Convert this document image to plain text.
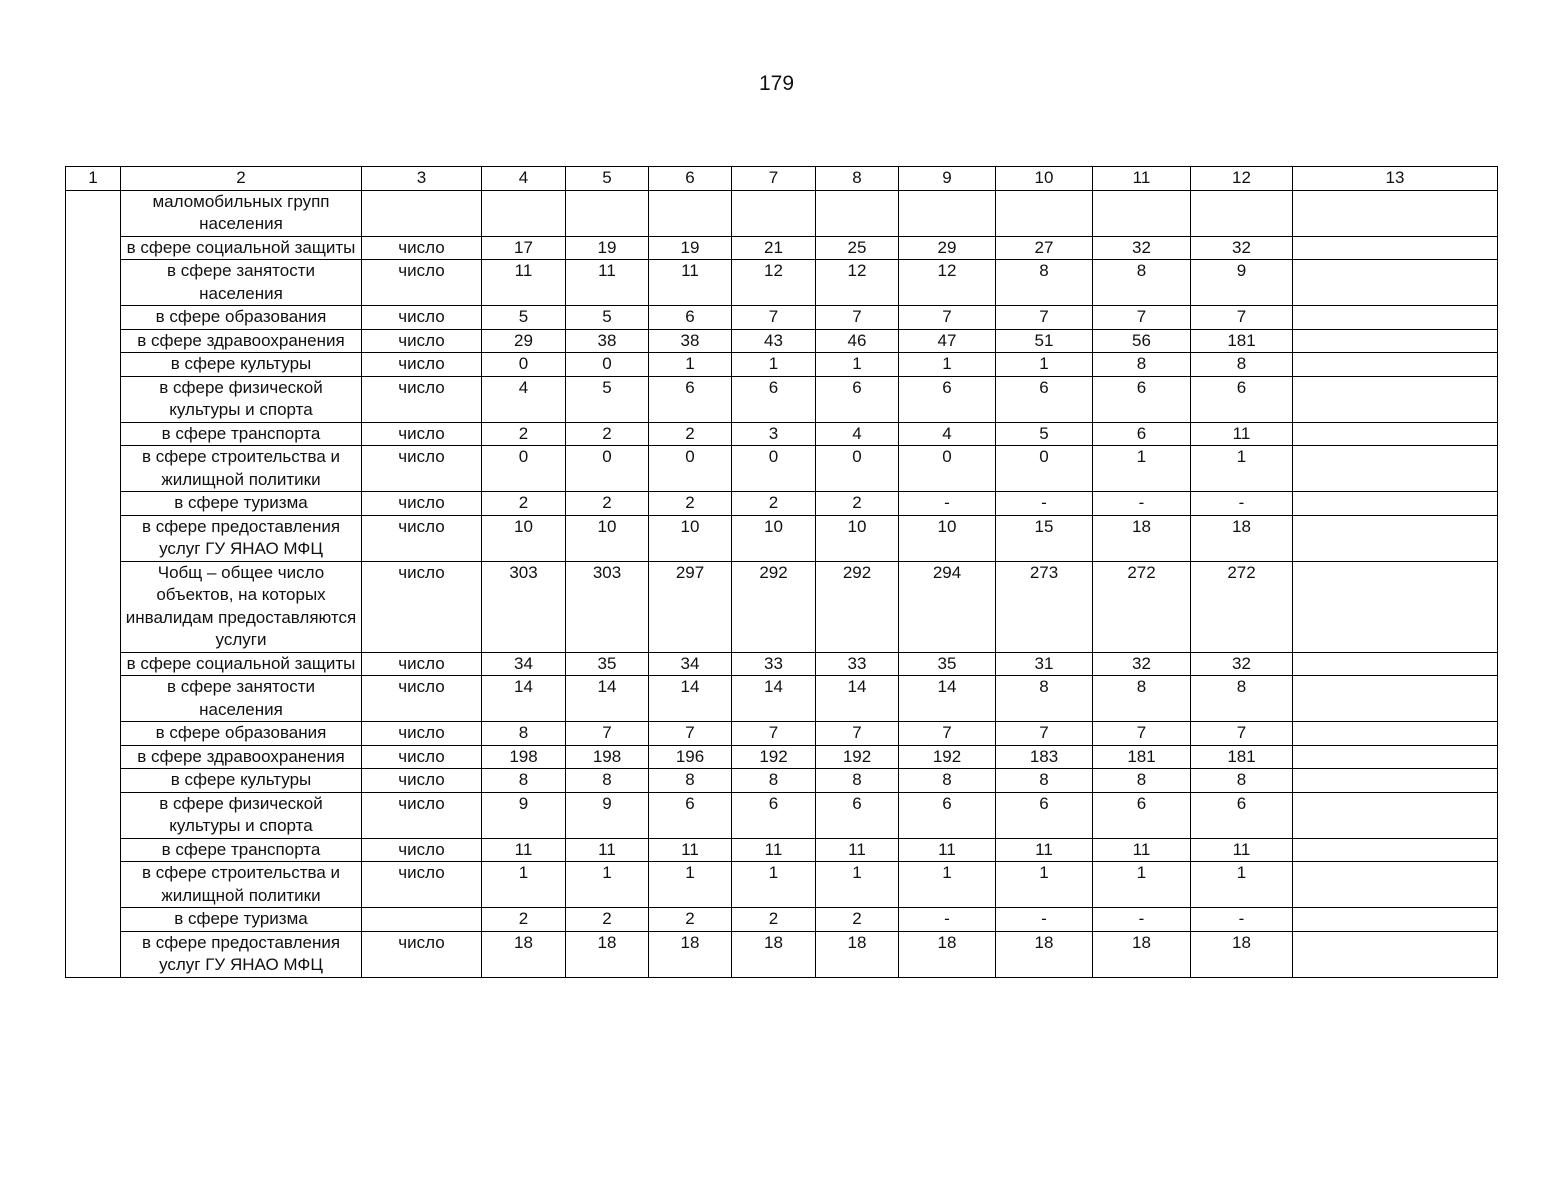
179
1	2	3	4	5	6	7	8	9	10	11	12	13
	маломобильных групп населения											
	в сфере социальной защиты	число	17	19	19	21	25	29	27	32	32	
	в сфере занятости населения	число	11	11	11	12	12	12	8	8	9	
	в сфере образования	число	5	5	6	7	7	7	7	7	7	
	в сфере здравоохранения	число	29	38	38	43	46	47	51	56	181	
	в сфере культуры	число	0	0	1	1	1	1	1	8	8	
	в сфере физической культуры и спорта	число	4	5	6	6	6	6	6	6	6	
	в сфере транспорта	число	2	2	2	3	4	4	5	6	11	
	в сфере строительства и жилищной политики	число	0	0	0	0	0	0	0	1	1	
	в сфере туризма	число	2	2	2	2	2	-	-	-	-	
	в сфере предоставления услуг ГУ ЯНАО МФЦ	число	10	10	10	10	10	10	15	18	18	
	Чобщ – общее число объектов, на которых инвалидам предоставляются услуги	число	303	303	297	292	292	294	273	272	272	
	в сфере социальной защиты	число	34	35	34	33	33	35	31	32	32	
	в сфере занятости населения	число	14	14	14	14	14	14	8	8	8	
	в сфере образования	число	8	7	7	7	7	7	7	7	7	
	в сфере здравоохранения	число	198	198	196	192	192	192	183	181	181	
	в сфере культуры	число	8	8	8	8	8	8	8	8	8	
	в сфере физической культуры и спорта	число	9	9	6	6	6	6	6	6	6	
	в сфере транспорта	число	11	11	11	11	11	11	11	11	11	
	в сфере строительства и жилищной политики	число	1	1	1	1	1	1	1	1	1	
	в сфере туризма		2	2	2	2	2	-	-	-	-	
	в сфере предоставления услуг ГУ ЯНАО МФЦ	число	18	18	18	18	18	18	18	18	18	
